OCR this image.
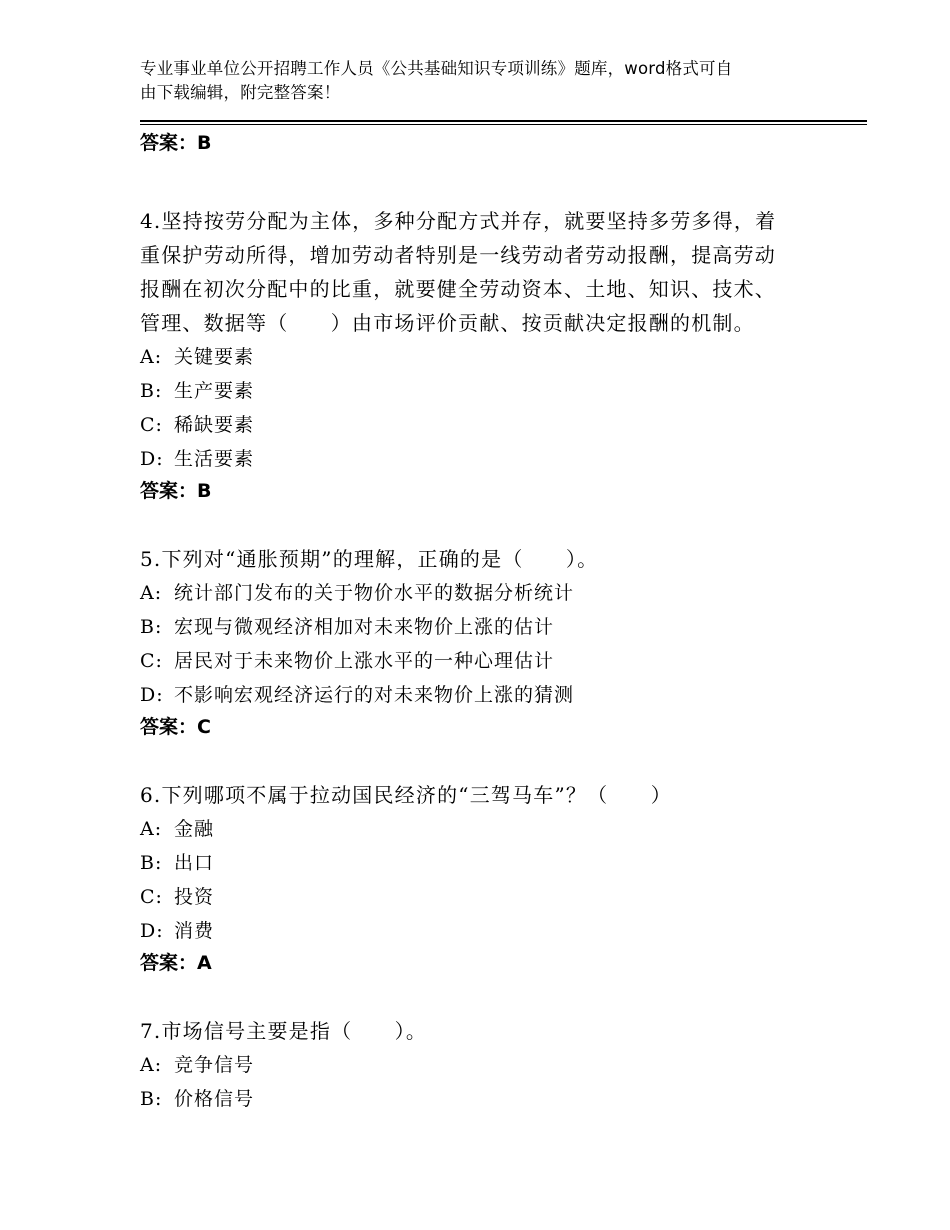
专业事业单位公开招聘工作人员《公共基础知识专项训练》题库，word格式可自
由下载编辑，附完整答案！
答案：B
4.坚持按劳分配为主体，多种分配方式并存，就要坚持多劳多得，着
重保护劳动所得，增加劳动者特别是一线劳动者劳动报酬，提高劳动
报酬在初次分配中的比重，就要健全劳动资本、土地、知识、技术、
管理、数据等（　　）由市场评价贡献、按贡献决定报酬的机制。
A: 关键要素
B: 生产要素
C: 稀缺要素
D: 生活要素
答案：B
5.下列对“通胀预期”的理解，正确的是（　　）。
A: 统计部门发布的关于物价水平的数据分析统计
B: 宏现与微观经济相加对未来物价上涨的估计
C: 居民对于未来物价上涨水平的一种心理估计
D: 不影响宏观经济运行的对未来物价上涨的猜测
答案：C
6.下列哪项不属于拉动国民经济的“三驾马车”？（　　）
A: 金融
B: 出口
C: 投资
D: 消费
答案：A
7.市场信号主要是指（　　）。
A: 竞争信号
B: 价格信号
